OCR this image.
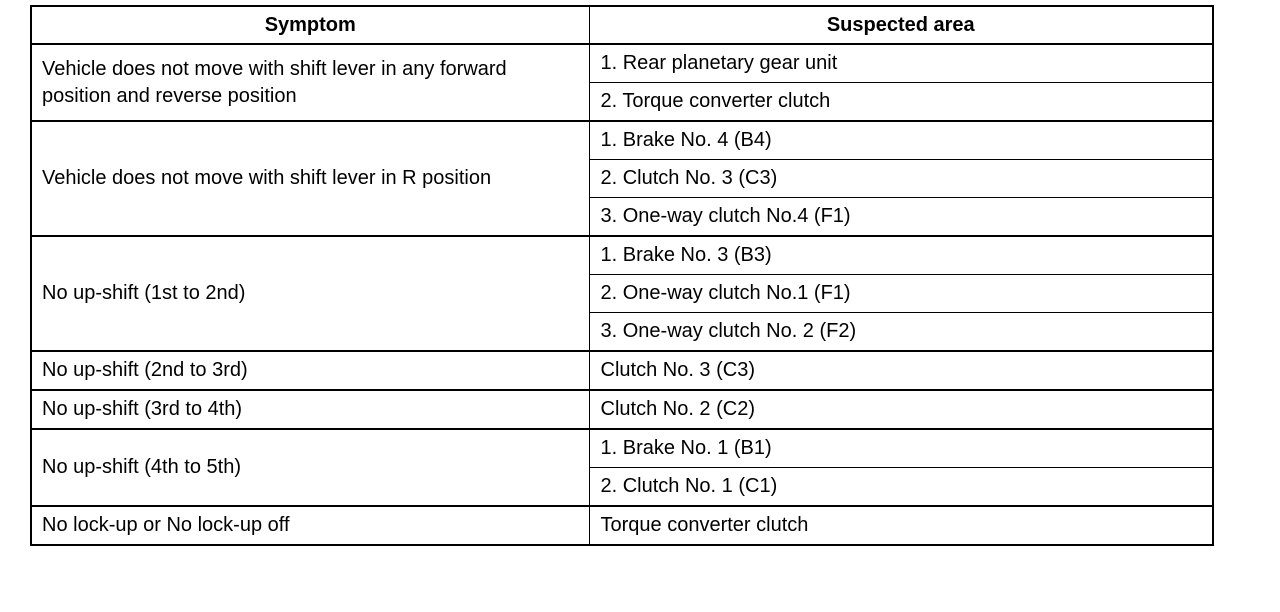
Symptom	Suspected area
Vehicle does not move with shift lever in any forward position and reverse position	1. Rear planetary gear unit
	2. Torque converter clutch
Vehicle does not move with shift lever in R position	1. Brake No. 4 (B4)
	2. Clutch No. 3 (C3)
	3. One-way clutch No.4 (F1)
No up-shift (1st to 2nd)	1. Brake No. 3 (B3)
	2. One-way clutch No.1 (F1)
	3. One-way clutch No. 2 (F2)
No up-shift (2nd to 3rd)	Clutch No. 3 (C3)
No up-shift (3rd to 4th)	Clutch No. 2 (C2)
No up-shift (4th to 5th)	1. Brake No. 1 (B1)
	2. Clutch No. 1 (C1)
No lock-up or No lock-up off	Torque converter clutch
